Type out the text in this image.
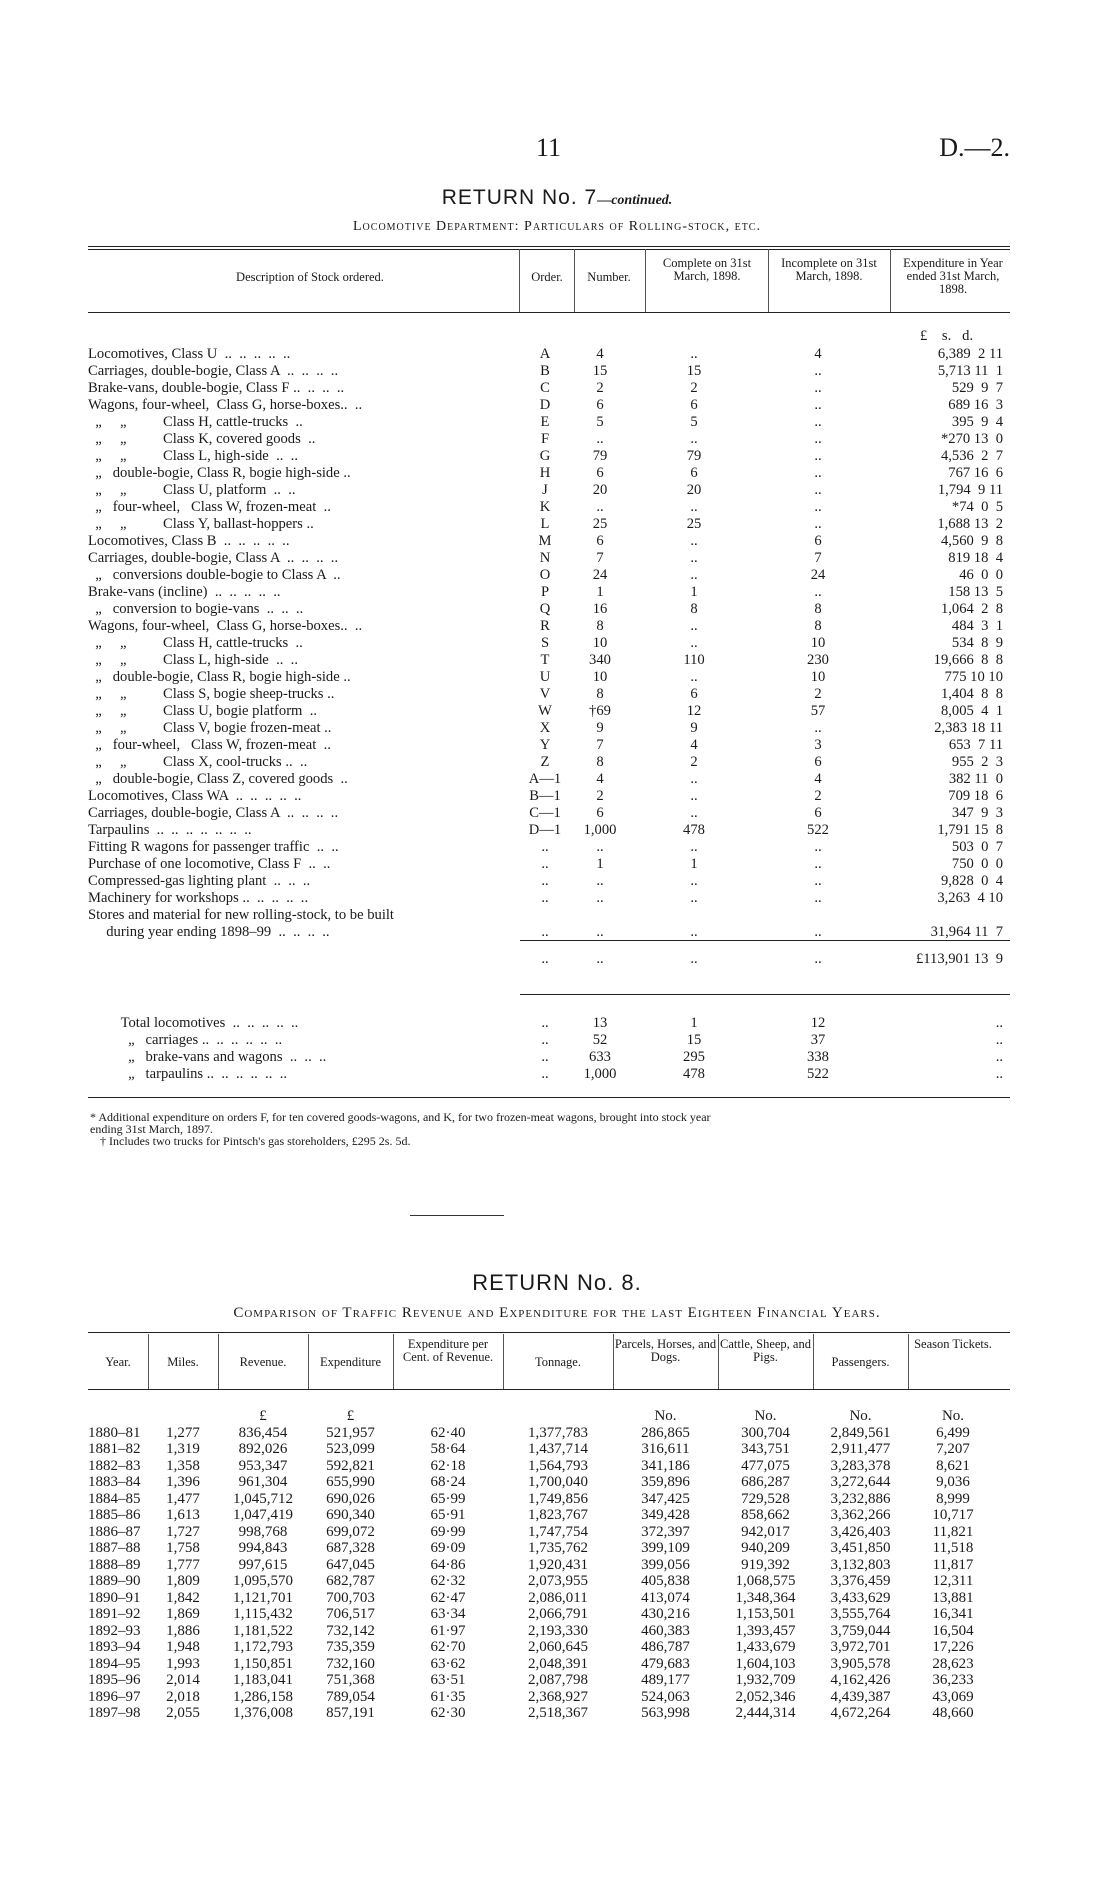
11	D.—2.
RETURN No. 7—continued.
Locomotive Department: Particulars of Rolling-stock, etc.
Description of Stock ordered.	Order.	Number.
Complete on 31st March, 1898.
Incomplete on 31st March, 1898.
Expenditure in Year ended 31st March, 1898.
£    s.   d.
Locomotives, Class U  ..  ..  ..  ..  ..	A	4	..	4	6,389  2 11
Carriages, double-bogie, Class A  ..  ..  ..  ..	B	15	15	..	5,713 11  1
Brake-vans, double-bogie, Class F ..  ..  ..  ..	C	2	2	..	529  9  7
Wagons, four-wheel,  Class G, horse-boxes..  ..	D	6	6	..	689 16  3
„     „          Class H, cattle-trucks  ..	E	5	5	..	395  9  4
„     „          Class K, covered goods  ..	F	..	..	..	*270 13  0
„     „          Class L, high-side  ..  ..	G	79	79	..	4,536  2  7
„   double-bogie, Class R, bogie high-side ..	H	6	6	..	767 16  6
„     „          Class U, platform  ..  ..	J	20	20	..	1,794  9 11
„   four-wheel,   Class W, frozen-meat  ..	K	..	..	..	*74  0  5
„     „          Class Y, ballast-hoppers ..	L	25	25	..	1,688 13  2
Locomotives, Class B  ..  ..  ..  ..  ..	M	6	..	6	4,560  9  8
Carriages, double-bogie, Class A  ..  ..  ..  ..	N	7	..	7	819 18  4
„   conversions double-bogie to Class A  ..	O	24	..	24	46  0  0
Brake-vans (incline)  ..  ..  ..  ..  ..	P	1	1	..	158 13  5
„   conversion to bogie-vans  ..  ..  ..	Q	16	8	8	1,064  2  8
Wagons, four-wheel,  Class G, horse-boxes..  ..	R	8	..	8	484  3  1
„     „          Class H, cattle-trucks  ..	S	10	..	10	534  8  9
„     „          Class L, high-side  ..  ..	T	340	110	230	19,666  8  8
„   double-bogie, Class R, bogie high-side ..	U	10	..	10	775 10 10
„     „          Class S, bogie sheep-trucks ..	V	8	6	2	1,404  8  8
„     „          Class U, bogie platform  ..	W	†69	12	57	8,005  4  1
„     „          Class V, bogie frozen-meat ..	X	9	9	..	2,383 18 11
„   four-wheel,   Class W, frozen-meat  ..	Y	7	4	3	653  7 11
„     „          Class X, cool-trucks ..  ..	Z	8	2	6	955  2  3
„   double-bogie, Class Z, covered goods  ..	A—1	4	..	4	382 11  0
Locomotives, Class WA  ..  ..  ..  ..  ..	B—1	2	..	2	709 18  6
Carriages, double-bogie, Class A  ..  ..  ..  ..	C—1	6	..	6	347  9  3
Tarpaulins  ..  ..  ..  ..  ..  ..  ..	D—1	1,000	478	522	1,791 15  8
Fitting R wagons for passenger traffic  ..  ..	..	..	..	..	503  0  7
Purchase of one locomotive, Class F  ..  ..	..	1	1	..	750  0  0
Compressed-gas lighting plant  ..  ..  ..	..	..	..	..	9,828  0  4
Machinery for workshops ..  ..  ..  ..  ..	..	..	..	..	3,263  4 10
Stores and material for new rolling-stock, to be built					
during year ending 1898–99  ..  ..  ..  ..	..	..	..	..	31,964 11  7

	..	..	..	..	£113,901 13  9
Total locomotives  ..  ..  ..  ..  ..	..	13	1	12	..
„   carriages ..  ..  ..  ..  ..  ..	..	52	15	37	..
„   brake-vans and wagons  ..  ..  ..	..	633	295	338	..
„   tarpaulins ..  ..  ..  ..  ..  ..	..	1,000	478	522	..
* Additional expenditure on orders F, for ten covered goods-wagons, and K, for two frozen-meat wagons, brought into stock year
ending 31st March, 1897.
† Includes two trucks for Pintsch's gas storeholders, £295 2s. 5d.
RETURN No. 8.
Comparison of Traffic Revenue and Expenditure for the last Eighteen Financial Years.
Year.	Miles.	Revenue.	Expenditure
Expenditure per Cent. of Revenue.	Tonnage.
Parcels, Horses, and Dogs.
Cattle, Sheep, and Pigs.	Passengers.
Season Tickets.
		£	£			No.	No.	No.	No.
1880–81	1,277	836,454	521,957	62·40	1,377,783	286,865	300,704	2,849,561	6,499
1881–82	1,319	892,026	523,099	58·64	1,437,714	316,611	343,751	2,911,477	7,207
1882–83	1,358	953,347	592,821	62·18	1,564,793	341,186	477,075	3,283,378	8,621
1883–84	1,396	961,304	655,990	68·24	1,700,040	359,896	686,287	3,272,644	9,036
1884–85	1,477	1,045,712	690,026	65·99	1,749,856	347,425	729,528	3,232,886	8,999
1885–86	1,613	1,047,419	690,340	65·91	1,823,767	349,428	858,662	3,362,266	10,717
1886–87	1,727	998,768	699,072	69·99	1,747,754	372,397	942,017	3,426,403	11,821
1887–88	1,758	994,843	687,328	69·09	1,735,762	399,109	940,209	3,451,850	11,518
1888–89	1,777	997,615	647,045	64·86	1,920,431	399,056	919,392	3,132,803	11,817
1889–90	1,809	1,095,570	682,787	62·32	2,073,955	405,838	1,068,575	3,376,459	12,311
1890–91	1,842	1,121,701	700,703	62·47	2,086,011	413,074	1,348,364	3,433,629	13,881
1891–92	1,869	1,115,432	706,517	63·34	2,066,791	430,216	1,153,501	3,555,764	16,341
1892–93	1,886	1,181,522	732,142	61·97	2,193,330	460,383	1,393,457	3,759,044	16,504
1893–94	1,948	1,172,793	735,359	62·70	2,060,645	486,787	1,433,679	3,972,701	17,226
1894–95	1,993	1,150,851	732,160	63·62	2,048,391	479,683	1,604,103	3,905,578	28,623
1895–96	2,014	1,183,041	751,368	63·51	2,087,798	489,177	1,932,709	4,162,426	36,233
1896–97	2,018	1,286,158	789,054	61·35	2,368,927	524,063	2,052,346	4,439,387	43,069
1897–98	2,055	1,376,008	857,191	62·30	2,518,367	563,998	2,444,314	4,672,264	48,660
